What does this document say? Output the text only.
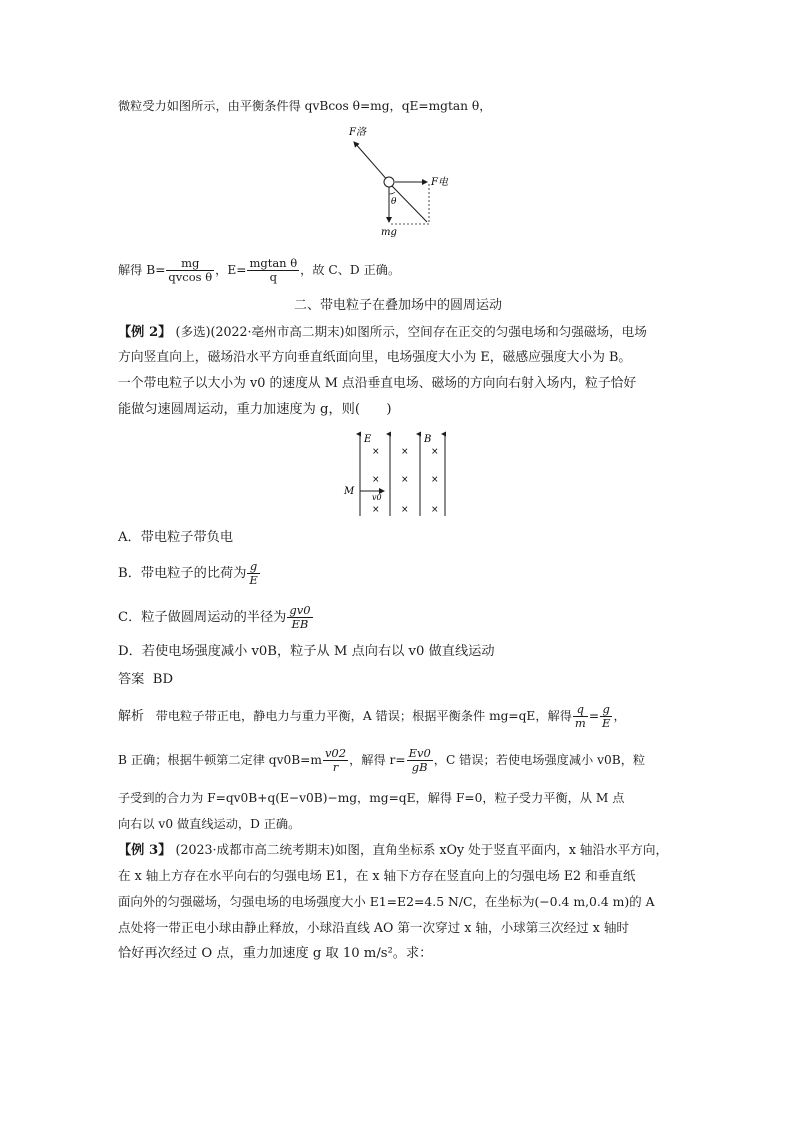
微粒受力如图所示，由平衡条件得 qvBcos θ=mg，qE=mgtan θ，
F洛
F电
θ
mg
解得 $B= \frac{mg}{\text{qvcos θ}}$ ，$E= \frac{\text{mgtan θ}}{q}$ ，故 C、D 正确。
二、带电粒子在叠加场中的圆周运动
【例 2】 (多选)(2022·亳州市高二期末)如图所示，空间存在正交的匀强电场和匀强磁场，电场
方向竖直向上，磁场沿水平方向垂直纸面向里，电场强度大小为 E，磁感应强度大小为 B。
一个带电粒子以大小为 v0 的速度从 M 点沿垂直电场、磁场的方向向右射入场内，粒子恰好
能做匀速圆周运动，重力加速度为 g，则(　　)
E	B
× × ×
× × ×
× × ×
M
v0
A．带电粒子带负电
B．带电粒子的比荷为 $\frac{g}{E}$
C．粒子做圆周运动的半径为 $\frac{gv0}{EB}$
D．若使电场强度减小 v0B，粒子从 M 点向右以 v0 做直线运动
答案 BD
解析 带电粒子带正电，静电力与重力平衡，A 错误；根据平衡条件 mg=qE，解得 $\frac{q}{m} = \frac{g}{E}$ ，
B 正确；根据牛顿第二定律 $qv0B=m \frac{v02}{r}$ ，解得 $r= \frac{Ev0}{gB}$ ，C 错误；若使电场强度减小 v0B，粒
子受到的合力为 F=qv0B+q(E−v0B)−mg，mg=qE，解得 F=0，粒子受力平衡，从 M 点
向右以 v0 做直线运动，D 正确。
【例 3】 (2023·成都市高二统考期末)如图，直角坐标系 xOy 处于竖直平面内，x 轴沿水平方向，
在 x 轴上方存在水平向右的匀强电场 E1，在 x 轴下方存在竖直向上的匀强电场 E2 和垂直纸
面向外的匀强磁场，匀强电场的电场强度大小 E1=E2=4.5 N/C，在坐标为(−0.4 m,0.4 m)的 A
点处将一带正电小球由静止释放，小球沿直线 AO 第一次穿过 x 轴，小球第三次经过 x 轴时
恰好再次经过 O 点，重力加速度 g 取 10 m/s²。求：
